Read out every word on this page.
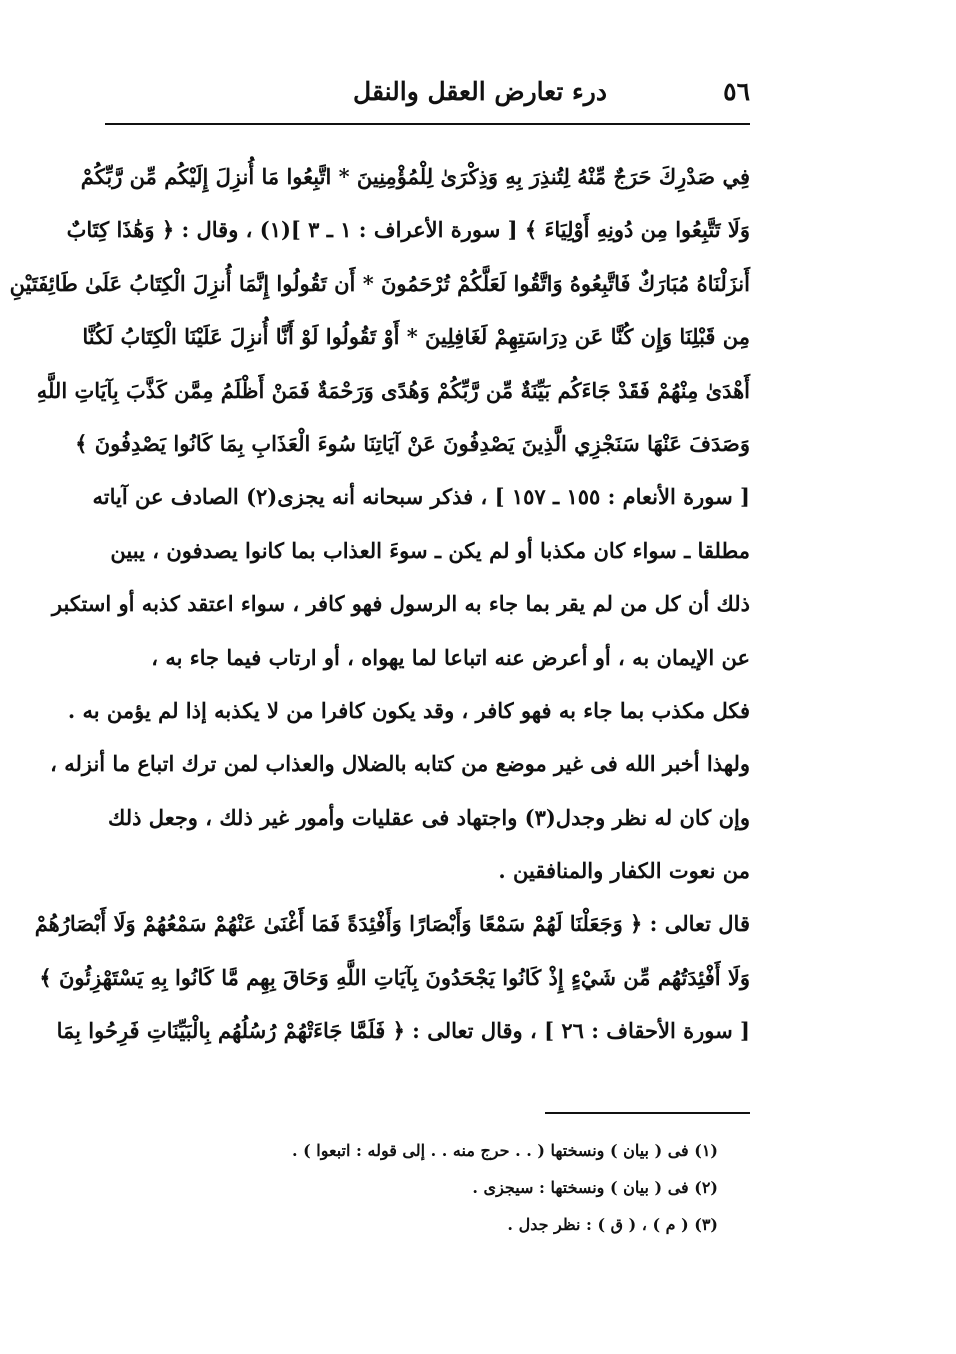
درء تعارض العقل والنقل	٥٦
فِي صَدْرِكَ حَرَجٌ مِّنْهُ لِتُنذِرَ بِهِ وَذِكْرَىٰ لِلْمُؤْمِنِينَ * اتَّبِعُوا مَا أُنزِلَ إِلَيْكُم مِّن رَّبِّكُمْ
وَلَا تَتَّبِعُوا مِن دُونِهِ أَوْلِيَاءَ ﴾ [ سورة الأعراف : ١ ـ ٣ ](١) ، وقال : ﴿ وَهَٰذَا كِتَابٌ
أَنزَلْنَاهُ مُبَارَكٌ فَاتَّبِعُوهُ وَاتَّقُوا لَعَلَّكُمْ تُرْحَمُونَ * أَن تَقُولُوا إِنَّمَا أُنزِلَ الْكِتَابُ عَلَىٰ طَائِفَتَيْنِ
مِن قَبْلِنَا وَإِن كُنَّا عَن دِرَاسَتِهِمْ لَغَافِلِينَ * أَوْ تَقُولُوا لَوْ أَنَّا أُنزِلَ عَلَيْنَا الْكِتَابُ لَكُنَّا
أَهْدَىٰ مِنْهُمْ فَقَدْ جَاءَكُم بَيِّنَةٌ مِّن رَّبِّكُمْ وَهُدًى وَرَحْمَةٌ فَمَنْ أَظْلَمُ مِمَّن كَذَّبَ بِآيَاتِ اللَّهِ
وَصَدَفَ عَنْهَا سَنَجْزِي الَّذِينَ يَصْدِفُونَ عَنْ آيَاتِنَا سُوءَ الْعَذَابِ بِمَا كَانُوا يَصْدِفُونَ ﴾
[ سورة الأنعام : ١٥٥ ـ ١٥٧ ] ، فذكر سبحانه أنه يجزى(٢) الصادف عن آياته
مطلقا ـ سواء كان مكذبا أو لم يكن ـ سوءَ العذاب بما كانوا يصدفون ، يبين
ذلك أن كل من لم يقر بما جاء به الرسول فهو كافر ، سواء اعتقد كذبه أو استكبر
عن الإيمان به ، أو أعرض عنه اتباعا لما يهواه ، أو ارتاب فيما جاء به ،
فكل مكذب بما جاء به فهو كافر ، وقد يكون كافرا من لا يكذبه إذا لم يؤمن به .
ولهذا أخبر الله فى غير موضع من كتابه بالضلال والعذاب لمن ترك اتباع ما أنزله ،
وإن كان له نظر وجدل(٣) واجتهاد فى عقليات وأمور غير ذلك ، وجعل ذلك
من نعوت الكفار والمنافقين .
قال تعالى : ﴿ وَجَعَلْنَا لَهُمْ سَمْعًا وَأَبْصَارًا وَأَفْئِدَةً فَمَا أَغْنَىٰ عَنْهُمْ سَمْعُهُمْ وَلَا أَبْصَارُهُمْ
وَلَا أَفْئِدَتُهُم مِّن شَيْءٍ إِذْ كَانُوا يَجْحَدُونَ بِآيَاتِ اللَّهِ وَحَاقَ بِهِم مَّا كَانُوا بِهِ يَسْتَهْزِئُونَ ﴾
[ سورة الأحقاف : ٢٦ ] ، وقال تعالى : ﴿ فَلَمَّا جَاءَتْهُمْ رُسُلُهُم بِالْبَيِّنَاتِ فَرِحُوا بِمَا
(١) فى ( بيان ) ونسختها ( . . حرج منه . . إلى قوله : اتبعوا ) .
(٢) فى ( بيان ) ونسختها : سيجزى .
(٣) ( م ) ، ( ق ) : نظر جدل .
